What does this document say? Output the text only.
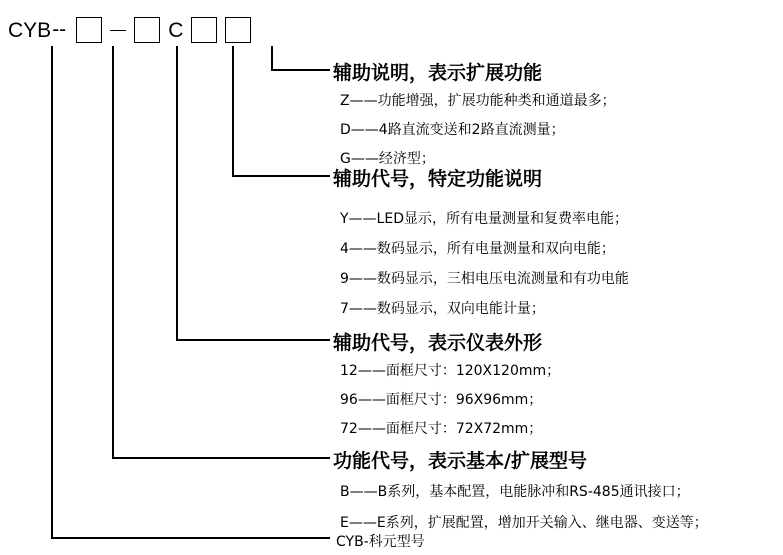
CYB --	C
辅助说明，表示扩展功能
Z——功能增强，扩展功能种类和通道最多；
D——4路直流变送和2路直流测量；
G——经济型；
辅助代号，特定功能说明
Y——LED显示，所有电量测量和复费率电能；
4——数码显示，所有电量测量和双向电能；
9——数码显示，三相电压电流测量和有功电能
7——数码显示，双向电能计量；
辅助代号，表示仪表外形
12——面框尺寸：120X120mm；
96——面框尺寸：96X96mm；
72——面框尺寸：72X72mm；
功能代号，表示基本/扩展型号
B——B系列，基本配置，电能脉冲和RS-485通讯接口；
E——E系列，扩展配置，增加开关输入、继电器、变送等；
CYB-科元型号
